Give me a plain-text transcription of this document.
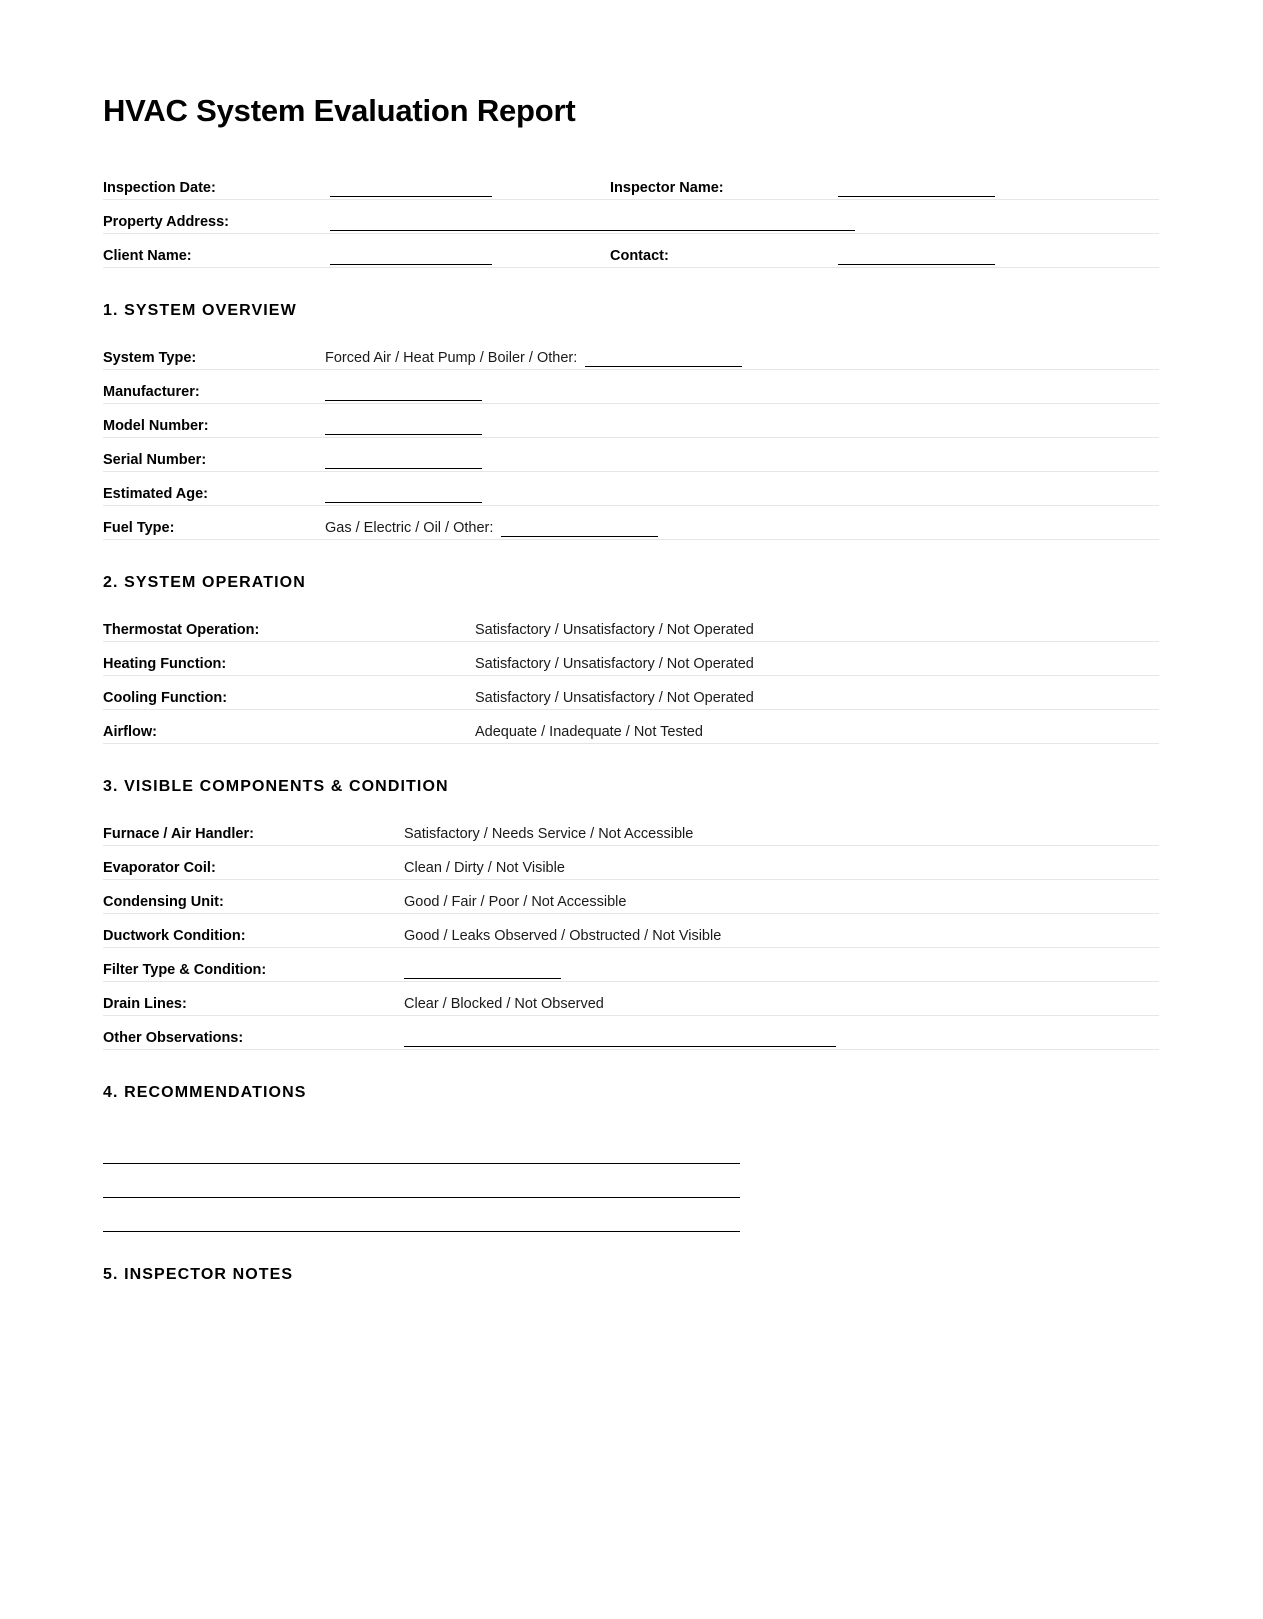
HVAC System Evaluation Report
Inspection Date:	Inspector Name:
Property Address:
Client Name:	Contact:
1. SYSTEM OVERVIEW
System Type:	Forced Air / Heat Pump / Boiler / Other:
Manufacturer:
Model Number:
Serial Number:
Estimated Age:
Fuel Type:	Gas / Electric / Oil / Other:
2. SYSTEM OPERATION
Thermostat Operation:	Satisfactory / Unsatisfactory / Not Operated
Heating Function:	Satisfactory / Unsatisfactory / Not Operated
Cooling Function:	Satisfactory / Unsatisfactory / Not Operated
Airflow:	Adequate / Inadequate / Not Tested
3. VISIBLE COMPONENTS & CONDITION
Furnace / Air Handler:	Satisfactory / Needs Service / Not Accessible
Evaporator Coil:	Clean / Dirty / Not Visible
Condensing Unit:	Good / Fair / Poor / Not Accessible
Ductwork Condition:	Good / Leaks Observed / Obstructed / Not Visible
Filter Type & Condition:
Drain Lines:	Clear / Blocked / Not Observed
Other Observations:
4. RECOMMENDATIONS
5. INSPECTOR NOTES
